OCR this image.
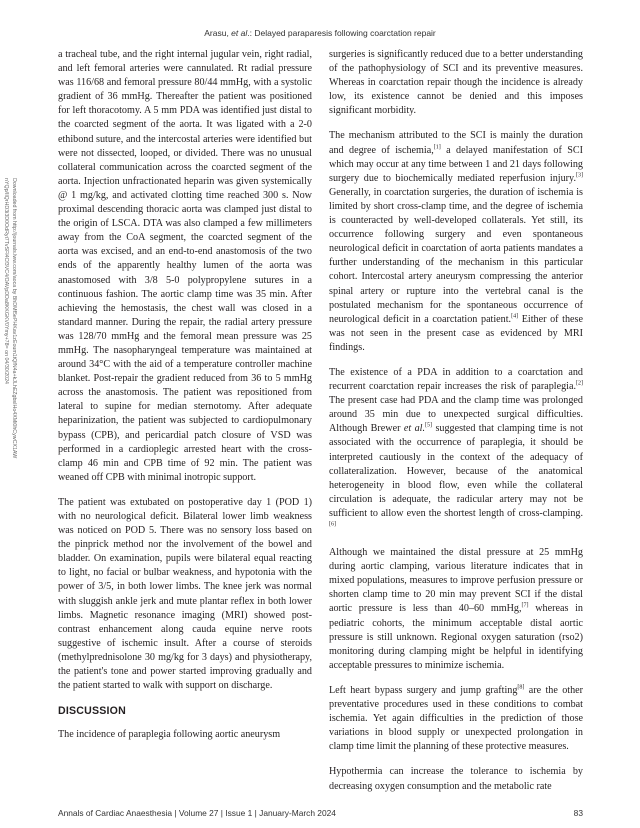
Arasu, et al.: Delayed paraparesis following coarctation repair
Downloaded from http://journals.lww.com/aoca by BhDMf5ePHKav1zEoum1tQfN4a+kJLhEZgbsIHo4XMi0hCywCX1AW
nYQp/IlQrHD3i3D0OdRyi7TvSFl4Cf3VC4/OAVpDDa8KKGKV0Ymy+78= on 04/30/2024

a tracheal tube, and the right internal jugular vein, right radial, and left femoral arteries were cannulated. Rt radial pressure was 116/68 and femoral pressure 80/44 mmHg, with a systolic gradient of 36 mmHg. Thereafter the patient was positioned for left thoracotomy. A 5 mm PDA was identified just distal to the coarcted segment of the aorta. It was ligated with a 2-0 ethibond suture, and the intercostal arteries were identified but were not dissected, looped, or divided. There was no unusual collateral communication across the coarcted segment of the aorta. Injection unfractionated heparin was given systemically @ 1 mg/kg, and activated clotting time reached 300 s. Now proximal descending thoracic aorta was clamped just distal to the origin of LSCA. DTA was also clamped a few millimeters away from the CoA segment, the coarcted segment of the aorta was excised, and an end-to-end anastomosis of the two ends of the apparently healthy lumen of the aorta was anastomosed with 3/8 5-0 polypropylene sutures in a continuous fashion. The aortic clamp time was 35 min. After achieving the hemostasis, the chest wall was closed in a standard manner. During the repair, the radial artery pressure was 128/70 mmHg and the femoral mean pressure was 25 mmHg. The nasopharyngeal temperature was maintained at around 34°C with the aid of a temperature controller machine blanket. Post-repair the gradient reduced from 36 to 5 mmHg across the anastomosis. The patient was repositioned from lateral to supine for median sternotomy. After adequate heparinization, the patient was subjected to cardiopulmonary bypass (CPB), and pericardial patch closure of VSD was performed in a cardioplegic arrested heart with the cross-clamp 46 min and CPB time of 92 min. The patient was weaned off CPB with minimal inotropic support.

The patient was extubated on postoperative day 1 (POD 1) with no neurological deficit. Bilateral lower limb weakness was noticed on POD 5. There was no sensory loss based on the pinprick method nor the involvement of the bowel and bladder. On examination, pupils were bilateral equal reacting to light, no facial or bulbar weakness, and hypotonia with the power of 3/5, in both lower limbs. The knee jerk was normal with sluggish ankle jerk and mute plantar reflex in both lower limbs. Magnetic resonance imaging (MRI) showed post-contrast enhancement along cauda equine nerve roots suggestive of ischemic insult. After a course of steroids (methylprednisolone 30 mg/kg for 3 days) and physiotherapy, the patient's tone and power started improving gradually and the patient started to walk with support on discharge.

DISCUSSION

The incidence of paraplegia following aortic aneurysm

surgeries is significantly reduced due to a better understanding of the pathophysiology of SCI and its preventive measures. Whereas in coarctation repair though the incidence is already low, its existence cannot be denied and this imposes significant morbidity.

The mechanism attributed to the SCI is mainly the duration and degree of ischemia,[1] a delayed manifestation of SCI which may occur at any time between 1 and 21 days following surgery due to biochemically mediated reperfusion injury.[3] Generally, in coarctation surgeries, the duration of ischemia is limited by short cross-clamp time, and the degree of ischemia is counteracted by well-developed collaterals. Yet still, its occurrence following surgery and even spontaneous neurological deficit in coarctation of aorta patients mandates a further understanding of the mechanism in this particular cohort. Intercostal artery aneurysm compressing the anterior spinal artery or rupture into the vertebral canal is the postulated mechanism for the spontaneous occurrence of neurological deficit in a coarctation patient.[4] Either of these was not seen in the present case as evidenced by MRI findings.

The existence of a PDA in addition to a coarctation and recurrent coarctation repair increases the risk of paraplegia.[2] The present case had PDA and the clamp time was prolonged around 35 min due to unexpected surgical difficulties. Although Brewer et al.[5] suggested that clamping time is not associated with the occurrence of paraplegia, it should be interpreted cautiously in the context of the adequacy of collateralization. However, because of the anatomical heterogeneity in blood flow, even while the collateral circulation is adequate, the radicular artery may not be sufficient to allow even the shortest length of cross-clamping.[6]

Although we maintained the distal pressure at 25 mmHg during aortic clamping, various literature indicates that in mixed populations, measures to improve perfusion pressure or shorten clamp time to 20 min may prevent SCI if the distal aortic pressure is less than 40–60 mmHg,[7] whereas in pediatric cohorts, the minimum acceptable distal aortic pressure is still unknown. Regional oxygen saturation (rso2) monitoring during clamping might be helpful in identifying acceptable pressures to minimize ischemia.

Left heart bypass surgery and jump grafting[8] are the other preventative procedures used in these conditions to combat ischemia. Yet again difficulties in the prediction of those variations in blood supply or unexpected prolongation in clamp time limit the planning of these protective measures.

Hypothermia can increase the tolerance to ischemia by decreasing oxygen consumption and the metabolic rate

Annals of Cardiac Anaesthesia | Volume 27 | Issue 1 | January-March 2024	83
